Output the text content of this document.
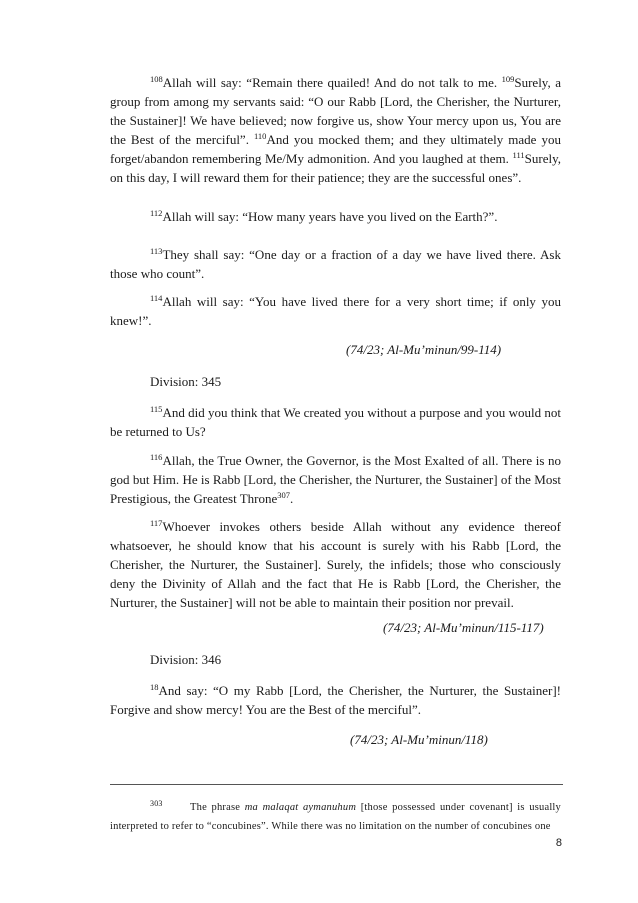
$^{108}$Allah will say: “Remain there quailed! And do not talk to me. $^{109}$Surely, a group from among my servants said: “O our Rabb [Lord, the Cherisher, the Nurturer, the Sustainer]! We have believed; now forgive us, show Your mercy upon us, You are the Best of the merciful”. $^{110}$And you mocked them; and they ultimately made you forget/abandon remembering Me/My admonition. And you laughed at them. $^{111}$Surely, on this day, I will reward them for their patience; they are the successful ones”.

$^{112}$Allah will say: “How many years have you lived on the Earth?”.

$^{113}$They shall say: “One day or a fraction of a day we have lived there. Ask those who count”.

$^{114}$Allah will say: “You have lived there for a very short time; if only you knew!”.

(74/23; Al-Mu’minun/99-114)
Division: 345

$^{115}$And did you think that We created you without a purpose and you would not be returned to Us?

$^{116}$Allah, the True Owner, the Governor, is the Most Exalted of all. There is no god but Him. He is Rabb [Lord, the Cherisher, the Nurturer, the Sustainer] of the Most Prestigious, the Greatest Throne$^{307}$.

$^{117}$Whoever invokes others beside Allah without any evidence thereof whatsoever, he should know that his account is surely with his Rabb [Lord, the Cherisher, the Nurturer, the Sustainer]. Surely, the infidels; those who consciously deny the Divinity of Allah and the fact that He is Rabb [Lord, the Cherisher, the Nurturer, the Sustainer] will not be able to maintain their position nor prevail.

(74/23; Al-Mu’minun/115-117)
Division: 346

$^{18}$And say: “O my Rabb [Lord, the Cherisher, the Nurturer, the Sustainer]! Forgive and show mercy! You are the Best of the merciful”.

(74/23; Al-Mu’minun/118)

303	The phrase ma malaqat aymanuhum [those possessed under covenant] is usually interpreted to refer to “concubines”. While there was no limitation on the number of concubines one

8
